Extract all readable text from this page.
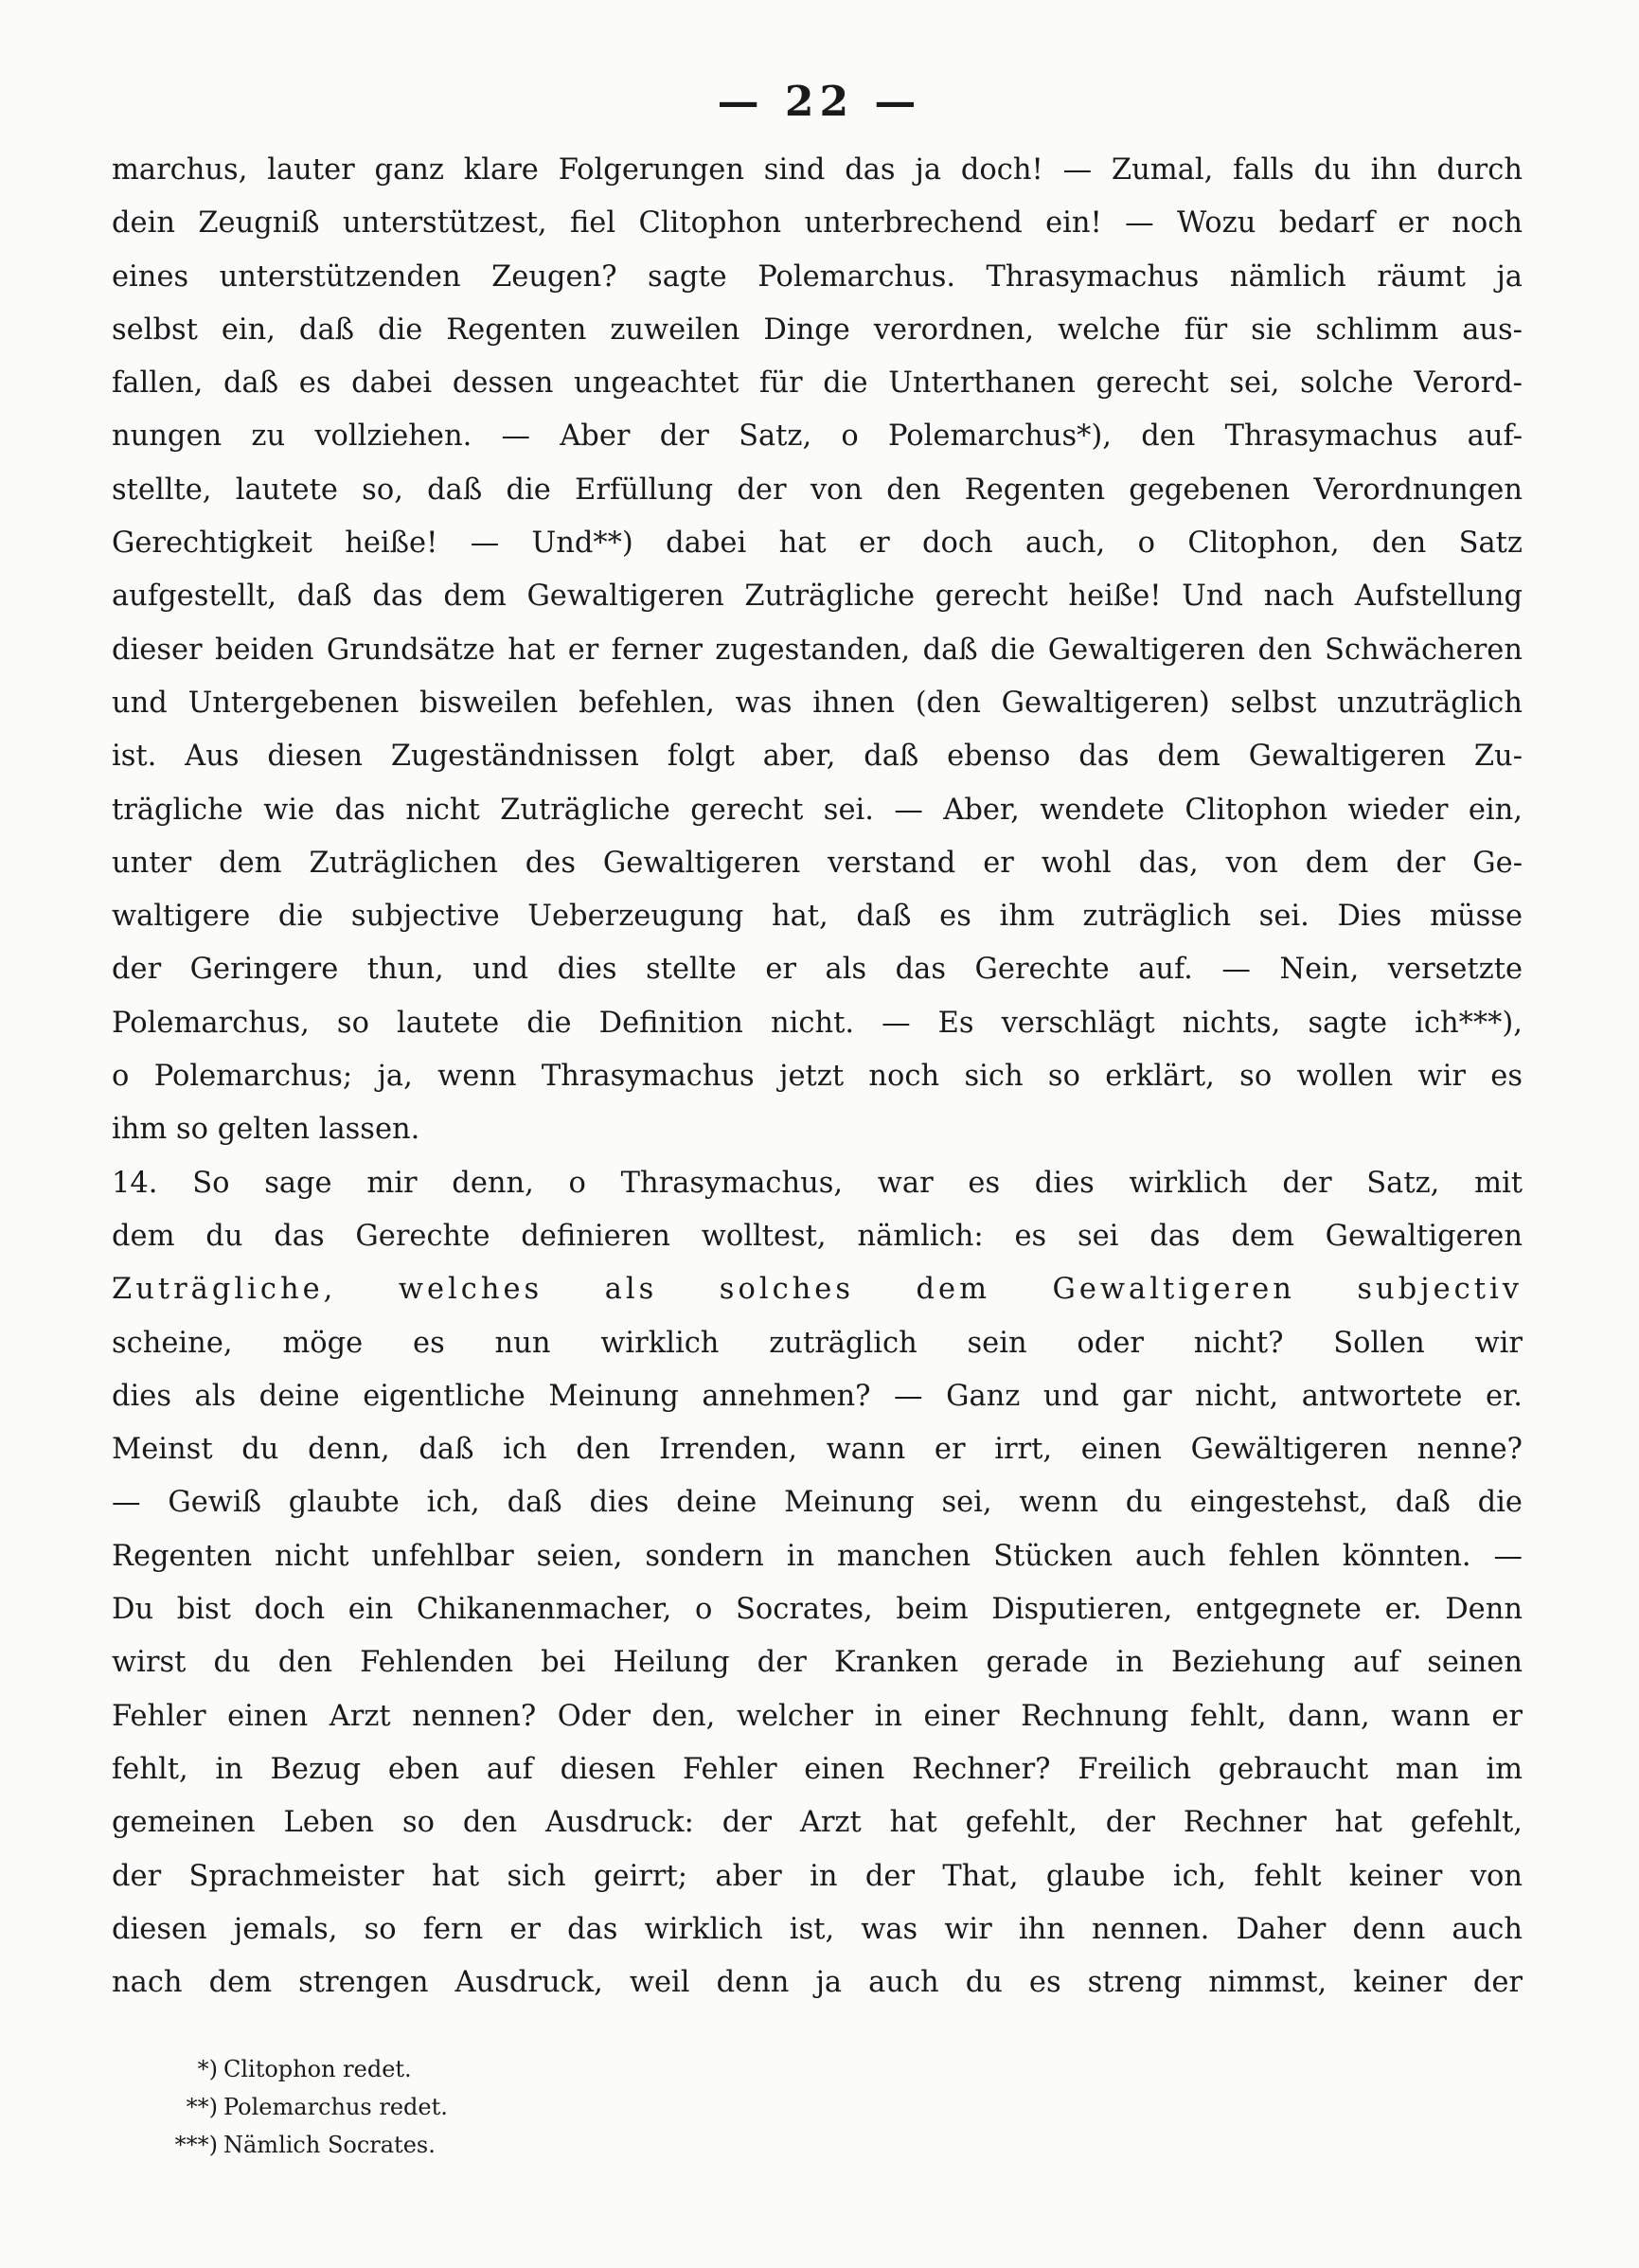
— 22 —
marchus, lauter ganz klare Folgerungen sind das ja doch! — Zumal, falls du ihn durch
dein Zeugniß unterstützest, fiel Clitophon unterbrechend ein! — Wozu bedarf er noch
eines unterstützenden Zeugen? sagte Polemarchus. Thrasymachus nämlich räumt ja
selbst ein, daß die Regenten zuweilen Dinge verordnen, welche für sie schlimm aus-
fallen, daß es dabei dessen ungeachtet für die Unterthanen gerecht sei, solche Verord-
nungen zu vollziehen. — Aber der Satz, o Polemarchus*), den Thrasymachus auf-
stellte, lautete so, daß die Erfüllung der von den Regenten gegebenen Verordnungen
Gerechtigkeit heiße! — Und**) dabei hat er doch auch, o Clitophon, den Satz
aufgestellt, daß das dem Gewaltigeren Zuträgliche gerecht heiße! Und nach Aufstellung
dieser beiden Grundsätze hat er ferner zugestanden, daß die Gewaltigeren den Schwächeren
und Untergebenen bisweilen befehlen, was ihnen (den Gewaltigeren) selbst unzuträglich
ist. Aus diesen Zugeständnissen folgt aber, daß ebenso das dem Gewaltigeren Zu-
trägliche wie das nicht Zuträgliche gerecht sei. — Aber, wendete Clitophon wieder ein,
unter dem Zuträglichen des Gewaltigeren verstand er wohl das, von dem der Ge-
waltigere die subjective Ueberzeugung hat, daß es ihm zuträglich sei. Dies müsse
der Geringere thun, und dies stellte er als das Gerechte auf. — Nein, versetzte
Polemarchus, so lautete die Definition nicht. — Es verschlägt nichts, sagte ich***),
o Polemarchus; ja, wenn Thrasymachus jetzt noch sich so erklärt, so wollen wir es
ihm so gelten lassen.
14. So sage mir denn, o Thrasymachus, war es dies wirklich der Satz, mit
dem du das Gerechte definieren wolltest, nämlich: es sei das dem Gewaltigeren
Zuträgliche, welches als solches dem Gewaltigeren subjectiv
scheine, möge es nun wirklich zuträglich sein oder nicht? Sollen wir
dies als deine eigentliche Meinung annehmen? — Ganz und gar nicht, antwortete er.
Meinst du denn, daß ich den Irrenden, wann er irrt, einen Gewältigeren nenne?
— Gewiß glaubte ich, daß dies deine Meinung sei, wenn du eingestehst, daß die
Regenten nicht unfehlbar seien, sondern in manchen Stücken auch fehlen könnten. —
Du bist doch ein Chikanenmacher, o Socrates, beim Disputieren, entgegnete er. Denn
wirst du den Fehlenden bei Heilung der Kranken gerade in Beziehung auf seinen
Fehler einen Arzt nennen? Oder den, welcher in einer Rechnung fehlt, dann, wann er
fehlt, in Bezug eben auf diesen Fehler einen Rechner? Freilich gebraucht man im
gemeinen Leben so den Ausdruck: der Arzt hat gefehlt, der Rechner hat gefehlt,
der Sprachmeister hat sich geirrt; aber in der That, glaube ich, fehlt keiner von
diesen jemals, so fern er das wirklich ist, was wir ihn nennen. Daher denn auch
nach dem strengen Ausdruck, weil denn ja auch du es streng nimmst, keiner der
*) Clitophon redet.
**) Polemarchus redet.
***) Nämlich Socrates.
